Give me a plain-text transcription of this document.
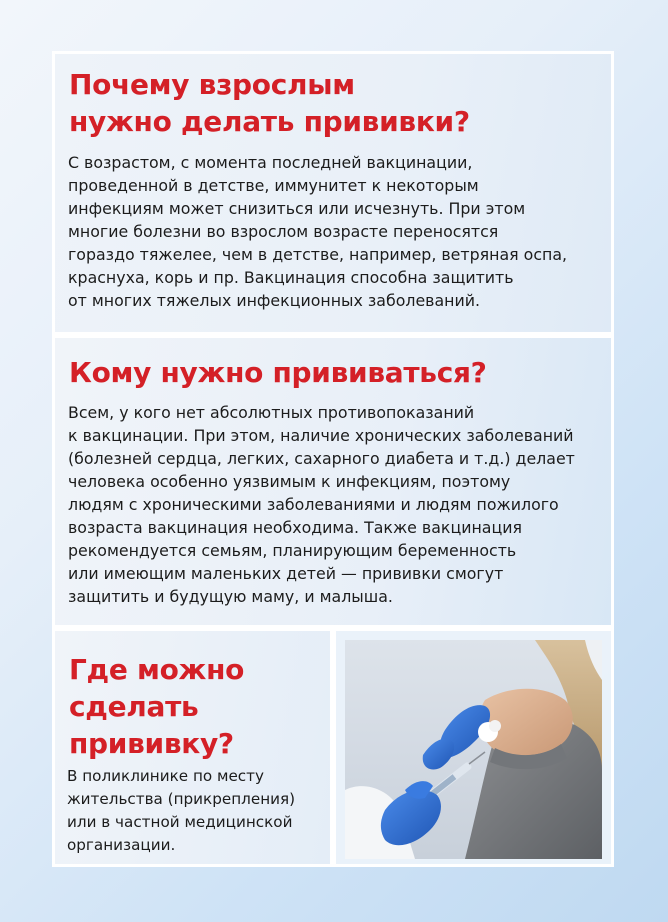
Почему взрослым
нужно делать прививки?

С возрастом, с момента последней вакцинации,
проведенной в детстве, иммунитет к некоторым
инфекциям может снизиться или исчезнуть. При этом
многие болезни во взрослом возрасте переносятся
гораздо тяжелее, чем в детстве, например, ветряная оспа,
краснуха, корь и пр. Вакцинация способна защитить
от многих тяжелых инфекционных заболеваний.

Кому нужно прививаться?

Всем, у кого нет абсолютных противопоказаний
к вакцинации. При этом, наличие хронических заболеваний
(болезней сердца, легких, сахарного диабета и т.д.) делает
человека особенно уязвимым к инфекциям, поэтому
людям с хроническими заболеваниями и людям пожилого
возраста вакцинация необходима. Также вакцинация
рекомендуется семьям, планирующим беременность
или имеющим маленьких детей — прививки смогут
защитить и будущую маму, и малыша.

Где можно
сделать
прививку?

В поликлинике по месту
жительства (прикрепления)
или в частной медицинской
организации.
